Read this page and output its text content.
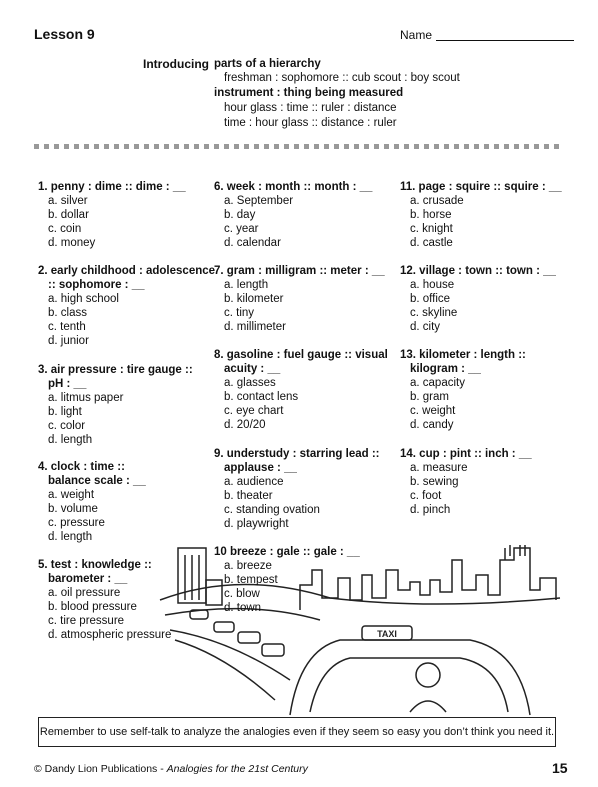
Lesson 9	Name
Introducing parts of a hierarchy
freshman : sophomore :: cub scout : boy scout
instrument : thing being measured
hour glass : time :: ruler : distance
time : hour glass :: distance : ruler
TAXI
1. penny : dime :: dime : __
a. silver
b. dollar
c. coin
d. money
2. early childhood : adolescence
:: sophomore : __
a. high school
b. class
c. tenth
d. junior
3. air pressure : tire gauge ::
pH : __
a. litmus paper
b. light
c. color
d. length
4. clock : time ::
balance scale : __
a. weight
b. volume
c. pressure
d. length
5. test : knowledge ::
barometer : __
a. oil pressure
b. blood pressure
c. tire pressure
d. atmospheric pressure
6. week : month :: month : __
a. September
b. day
c. year
d. calendar
7. gram : milligram :: meter : __
a. length
b. kilometer
c. tiny
d. millimeter
8. gasoline : fuel gauge :: visual
acuity : __
a. glasses
b. contact lens
c. eye chart
d. 20/20
9. understudy : starring lead ::
applause : __
a. audience
b. theater
c. standing ovation
d. playwright
10 breeze : gale :: gale : __
a. breeze
b. tempest
c. blow
d. town
11. page : squire :: squire : __
a. crusade
b. horse
c. knight
d. castle
12. village : town :: town : __
a. house
b. office
c. skyline
d. city
13. kilometer : length ::
kilogram : __
a. capacity
b. gram
c. weight
d. candy
14. cup : pint :: inch : __
a. measure
b. sewing
c. foot
d. pinch
Remember to use self-talk to analyze the analogies even if they seem so easy you don’t think you need it.
© Dandy Lion Publications - Analogies for the 21st Century	15
